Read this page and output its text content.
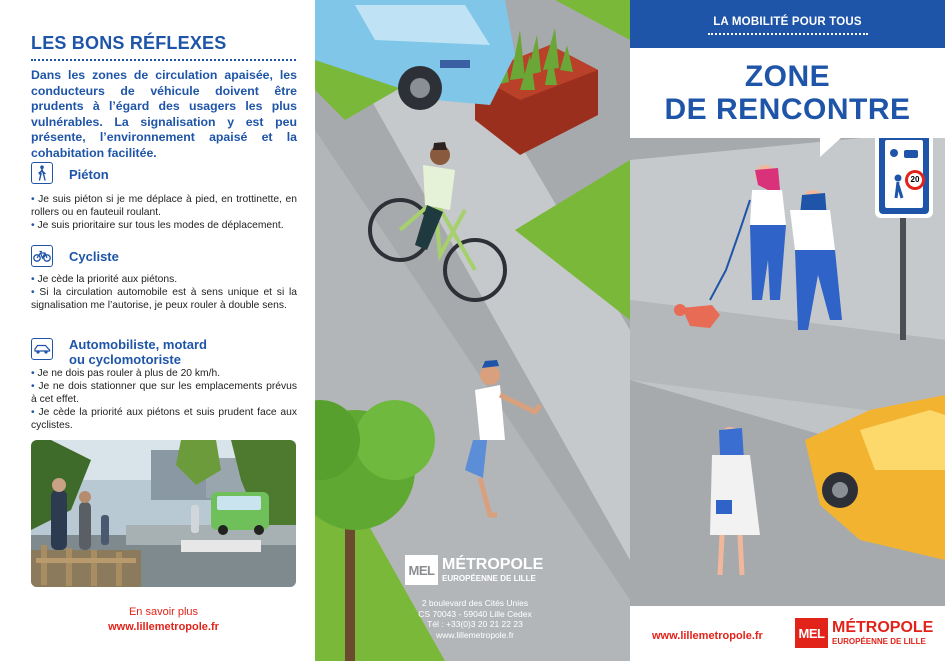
LES BONS RÉFLEXES
Dans les zones de circulation apaisée, les conducteurs de véhicule doivent être prudents à l’égard des usagers les plus vulnérables. La signalisation y est peu présente, l’environnement apaisé et la cohabitation facilitée.
Piéton
• Je suis piéton si je me déplace à pied, en trottinette, en rollers ou en fauteuil roulant.
• Je suis prioritaire sur tous les modes de déplacement.
Cycliste
• Je cède la priorité aux piétons.
• Si la circulation automobile est à sens unique et si la signalisation me l’autorise, je peux rouler à double sens.
Automobiliste, motard
ou cyclomotoriste
• Je ne dois pas rouler à plus de 20 km/h.
• Je ne dois stationner que sur les emplacements prévus à cet effet.
• Je cède la priorité aux piétons et suis prudent face aux cyclistes.
En savoir plus
www.lillemetropole.fr
MEL MÉTROPOLE
EUROPÉENNE DE LILLE
2 boulevard des Cités Unies
CS 70043 - 59040 Lille Cedex
Tél : +33(0)3 20 21 22 23
www.lillemetropole.fr
20
LA MOBILITÉ POUR TOUS
ZONE
DE RENCONTRE
www.lillemetropole.fr	MEL MÉTROPOLE
EUROPÉENNE DE LILLE
